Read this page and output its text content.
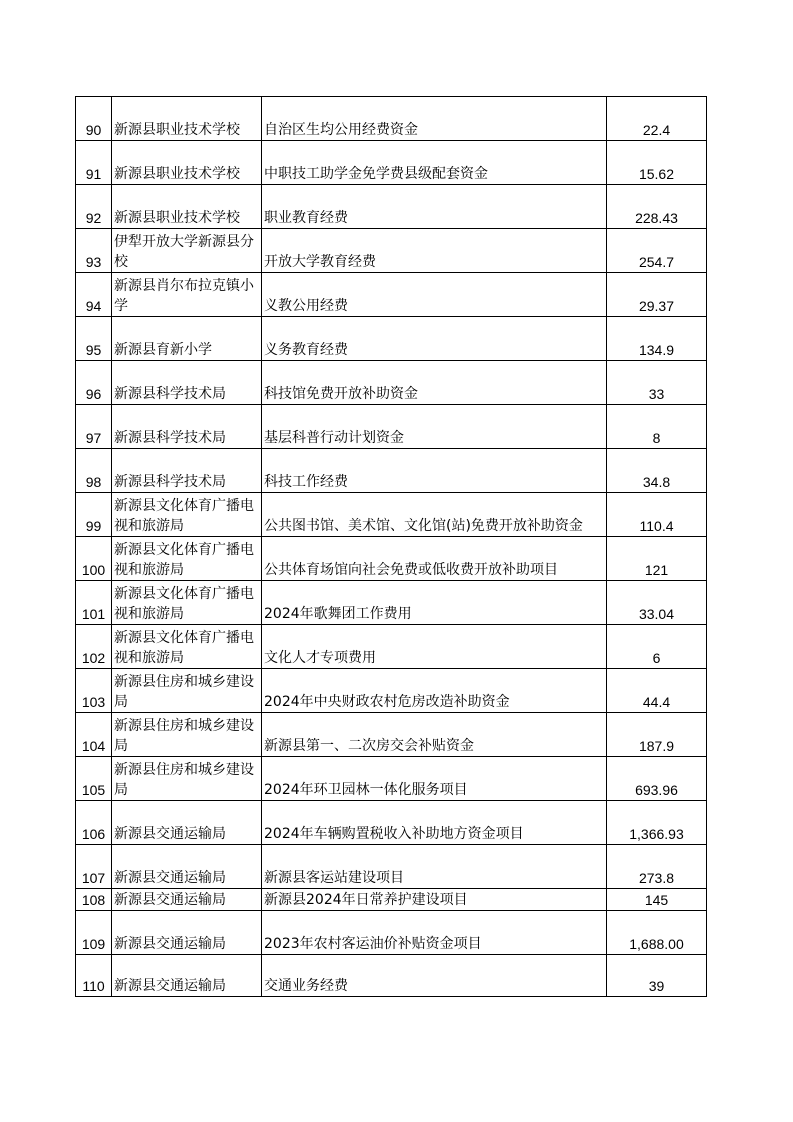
90	新源县职业技术学校	自治区生均公用经费资金	22.4
91	新源县职业技术学校	中职技工助学金免学费县级配套资金	15.62
92	新源县职业技术学校	职业教育经费	228.43
93	伊犁开放大学新源县分校	开放大学教育经费	254.7
94	新源县肖尔布拉克镇小学	义教公用经费	29.37
95	新源县育新小学	义务教育经费	134.9
96	新源县科学技术局	科技馆免费开放补助资金	33
97	新源县科学技术局	基层科普行动计划资金	8
98	新源县科学技术局	科技工作经费	34.8
99	新源县文化体育广播电视和旅游局	公共图书馆、美术馆、文化馆(站)免费开放补助资金	110.4
100	新源县文化体育广播电视和旅游局	公共体育场馆向社会免费或低收费开放补助项目	121
101	新源县文化体育广播电视和旅游局	2024年歌舞团工作费用	33.04
102	新源县文化体育广播电视和旅游局	文化人才专项费用	6
103	新源县住房和城乡建设局	2024年中央财政农村危房改造补助资金	44.4
104	新源县住房和城乡建设局	新源县第一、二次房交会补贴资金	187.9
105	新源县住房和城乡建设局	2024年环卫园林一体化服务项目	693.96
106	新源县交通运输局	2024年车辆购置税收入补助地方资金项目	1,366.93
107	新源县交通运输局	新源县客运站建设项目	273.8
108	新源县交通运输局	新源县2024年日常养护建设项目	145
109	新源县交通运输局	2023年农村客运油价补贴资金项目	1,688.00
110	新源县交通运输局	交通业务经费	39
